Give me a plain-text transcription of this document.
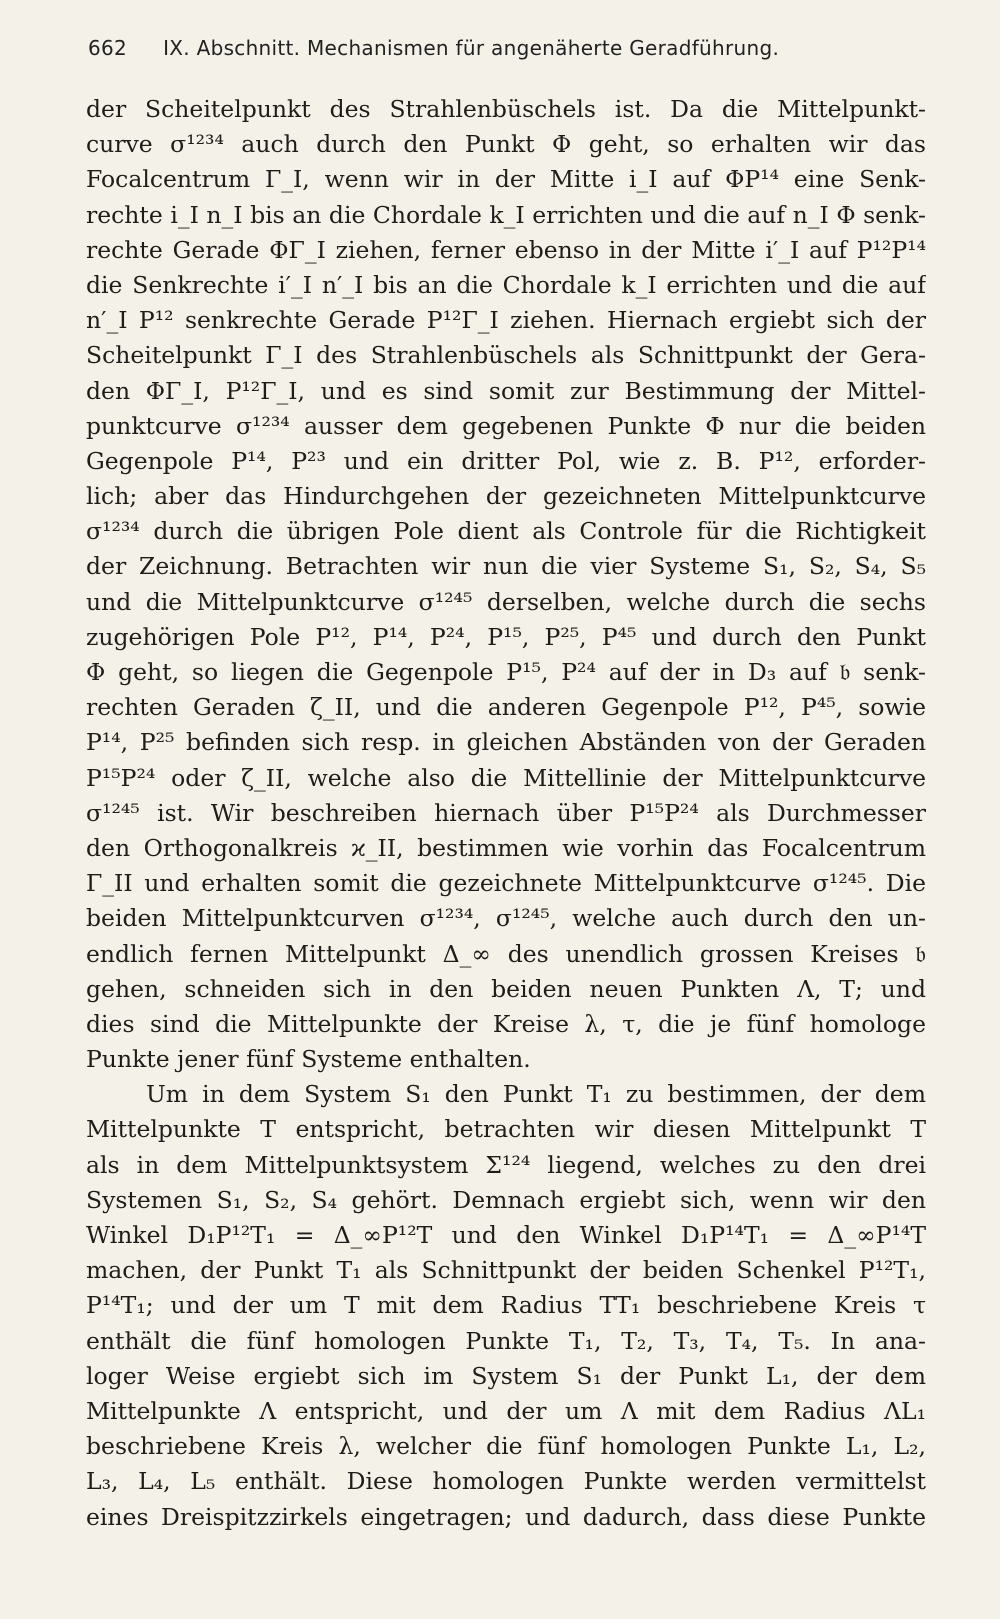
662 IX. Abschnitt. Mechanismen für angenäherte Geradführung.
der Scheitelpunkt des Strahlenbüschels ist. Da die Mittelpunkt-
curve σ¹²³⁴ auch durch den Punkt Φ geht, so erhalten wir das
Focalcentrum Γ_I, wenn wir in der Mitte i_I auf ΦP¹⁴ eine Senk-
rechte i_I n_I bis an die Chordale k_I errichten und die auf n_I Φ senk-
rechte Gerade ΦΓ_I ziehen, ferner ebenso in der Mitte i′_I auf P¹²P¹⁴
die Senkrechte i′_I n′_I bis an die Chordale k_I errichten und die auf
n′_I P¹² senkrechte Gerade P¹²Γ_I ziehen. Hiernach ergiebt sich der
Scheitelpunkt Γ_I des Strahlenbüschels als Schnittpunkt der Gera-
den ΦΓ_I, P¹²Γ_I, und es sind somit zur Bestimmung der Mittel-
punktcurve σ¹²³⁴ ausser dem gegebenen Punkte Φ nur die beiden
Gegenpole P¹⁴, P²³ und ein dritter Pol, wie z. B. P¹², erforder-
lich; aber das Hindurchgehen der gezeichneten Mittelpunktcurve
σ¹²³⁴ durch die übrigen Pole dient als Controle für die Richtigkeit
der Zeichnung. Betrachten wir nun die vier Systeme S₁, S₂, S₄, S₅
und die Mittelpunktcurve σ¹²⁴⁵ derselben, welche durch die sechs
zugehörigen Pole P¹², P¹⁴, P²⁴, P¹⁵, P²⁵, P⁴⁵ und durch den Punkt
Φ geht, so liegen die Gegenpole P¹⁵, P²⁴ auf der in D₃ auf 𝔟 senk-
rechten Geraden ζ_II, und die anderen Gegenpole P¹², P⁴⁵, sowie
P¹⁴, P²⁵ befinden sich resp. in gleichen Abständen von der Geraden
P¹⁵P²⁴ oder ζ_II, welche also die Mittellinie der Mittelpunktcurve
σ¹²⁴⁵ ist. Wir beschreiben hiernach über P¹⁵P²⁴ als Durchmesser
den Orthogonalkreis ϰ_II, bestimmen wie vorhin das Focalcentrum
Γ_II und erhalten somit die gezeichnete Mittelpunktcurve σ¹²⁴⁵. Die
beiden Mittelpunktcurven σ¹²³⁴, σ¹²⁴⁵, welche auch durch den un-
endlich fernen Mittelpunkt Δ_∞ des unendlich grossen Kreises 𝔟
gehen, schneiden sich in den beiden neuen Punkten Λ, Τ; und
dies sind die Mittelpunkte der Kreise λ, τ, die je fünf homologe
Punkte jener fünf Systeme enthalten.
Um in dem System S₁ den Punkt T₁ zu bestimmen, der dem
Mittelpunkte Τ entspricht, betrachten wir diesen Mittelpunkt Τ
als in dem Mittelpunktsystem Σ¹²⁴ liegend, welches zu den drei
Systemen S₁, S₂, S₄ gehört. Demnach ergiebt sich, wenn wir den
Winkel D₁P¹²T₁ = Δ_∞P¹²Τ und den Winkel D₁P¹⁴T₁ = Δ_∞P¹⁴Τ
machen, der Punkt T₁ als Schnittpunkt der beiden Schenkel P¹²T₁,
P¹⁴T₁; und der um Τ mit dem Radius ΤT₁ beschriebene Kreis τ
enthält die fünf homologen Punkte T₁, T₂, T₃, T₄, T₅. In ana-
loger Weise ergiebt sich im System S₁ der Punkt L₁, der dem
Mittelpunkte Λ entspricht, und der um Λ mit dem Radius ΛL₁
beschriebene Kreis λ, welcher die fünf homologen Punkte L₁, L₂,
L₃, L₄, L₅ enthält. Diese homologen Punkte werden vermittelst
eines Dreispitzzirkels eingetragen; und dadurch, dass diese Punkte
